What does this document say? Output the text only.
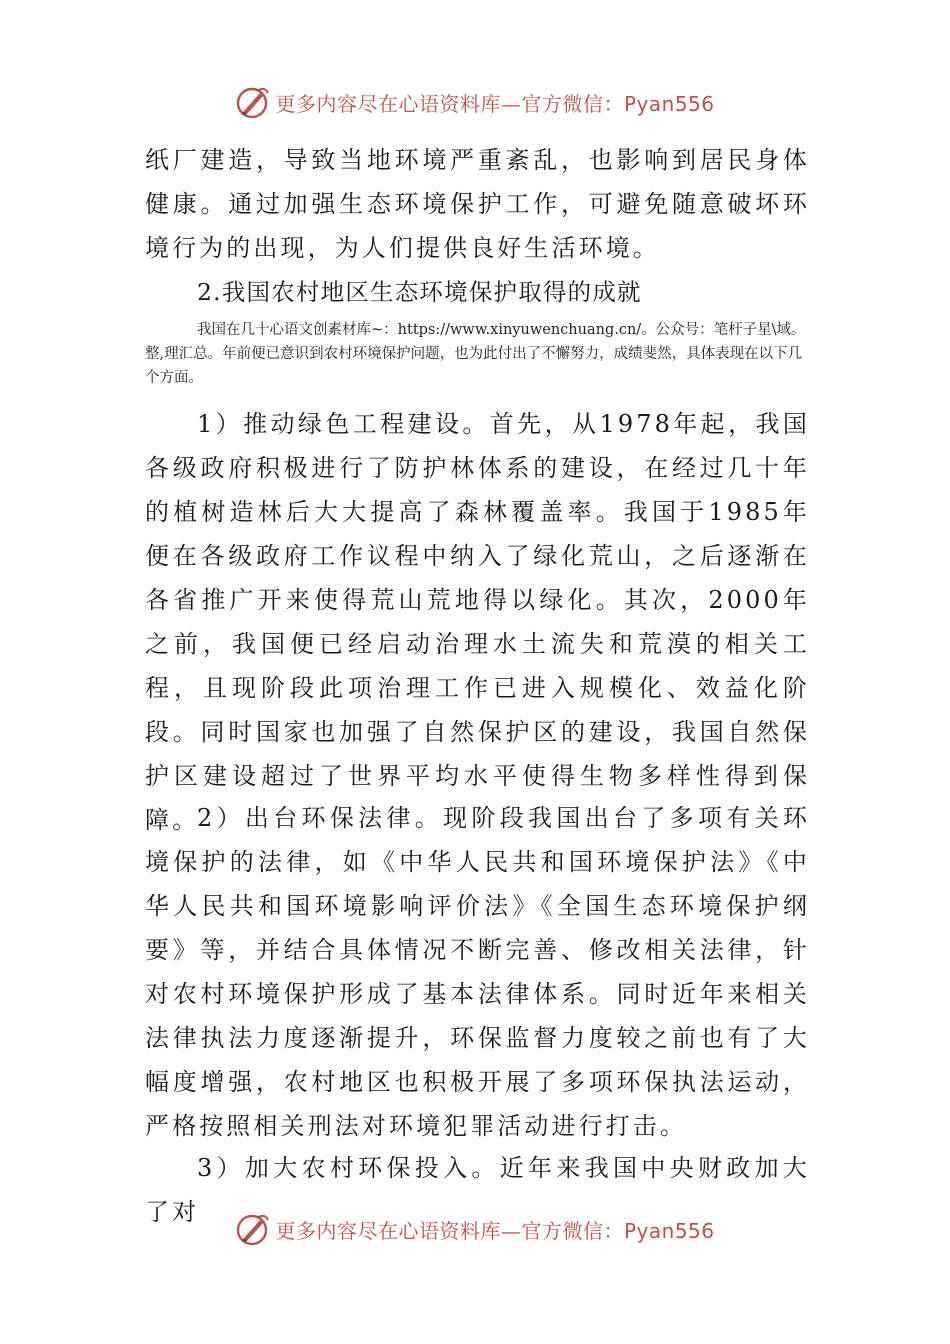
更多内容尽在心语资料库—官方微信：Pyan556

纸厂建造，导致当地环境严重紊乱，也影响到居民身体健康。通过加强生态环境保护工作，可避免随意破坏环境行为的出现，为人们提供良好生活环境。

2.我国农村地区生态环境保护取得的成就

我国在几十心语文创素材库~：https://www.xinyuwenchuang.cn/。公众号：笔杆子星\域。整,理汇总。年前便已意识到农村环境保护问题，也为此付出了不懈努力，成绩斐然，具体表现在以下几个方面。

1）推动绿色工程建设。首先，从1978年起，我国各级政府积极进行了防护林体系的建设，在经过几十年的植树造林后大大提高了森林覆盖率。我国于1985年便在各级政府工作议程中纳入了绿化荒山，之后逐渐在各省推广开来使得荒山荒地得以绿化。其次，2000年之前，我国便已经启动治理水土流失和荒漠的相关工程，且现阶段此项治理工作已进入规模化、效益化阶段。同时国家也加强了自然保护区的建设，我国自然保护区建设超过了世界平均水平使得生物多样性得到保障。

2）出台环保法律。现阶段我国出台了多项有关环境保护的法律，如《中华人民共和国环境保护法》《中华人民共和国环境影响评价法》《全国生态环境保护纲要》等，并结合具体情况不断完善、修改相关法律，针对农村环境保护形成了基本法律体系。同时近年来相关法律执法力度逐渐提升，环保监督力度较之前也有了大幅度增强，农村地区也积极开展了多项环保执法运动，严格按照相关刑法对环境犯罪活动进行打击。

3）加大农村环保投入。近年来我国中央财政加大了对

更多内容尽在心语资料库—官方微信：Pyan556
